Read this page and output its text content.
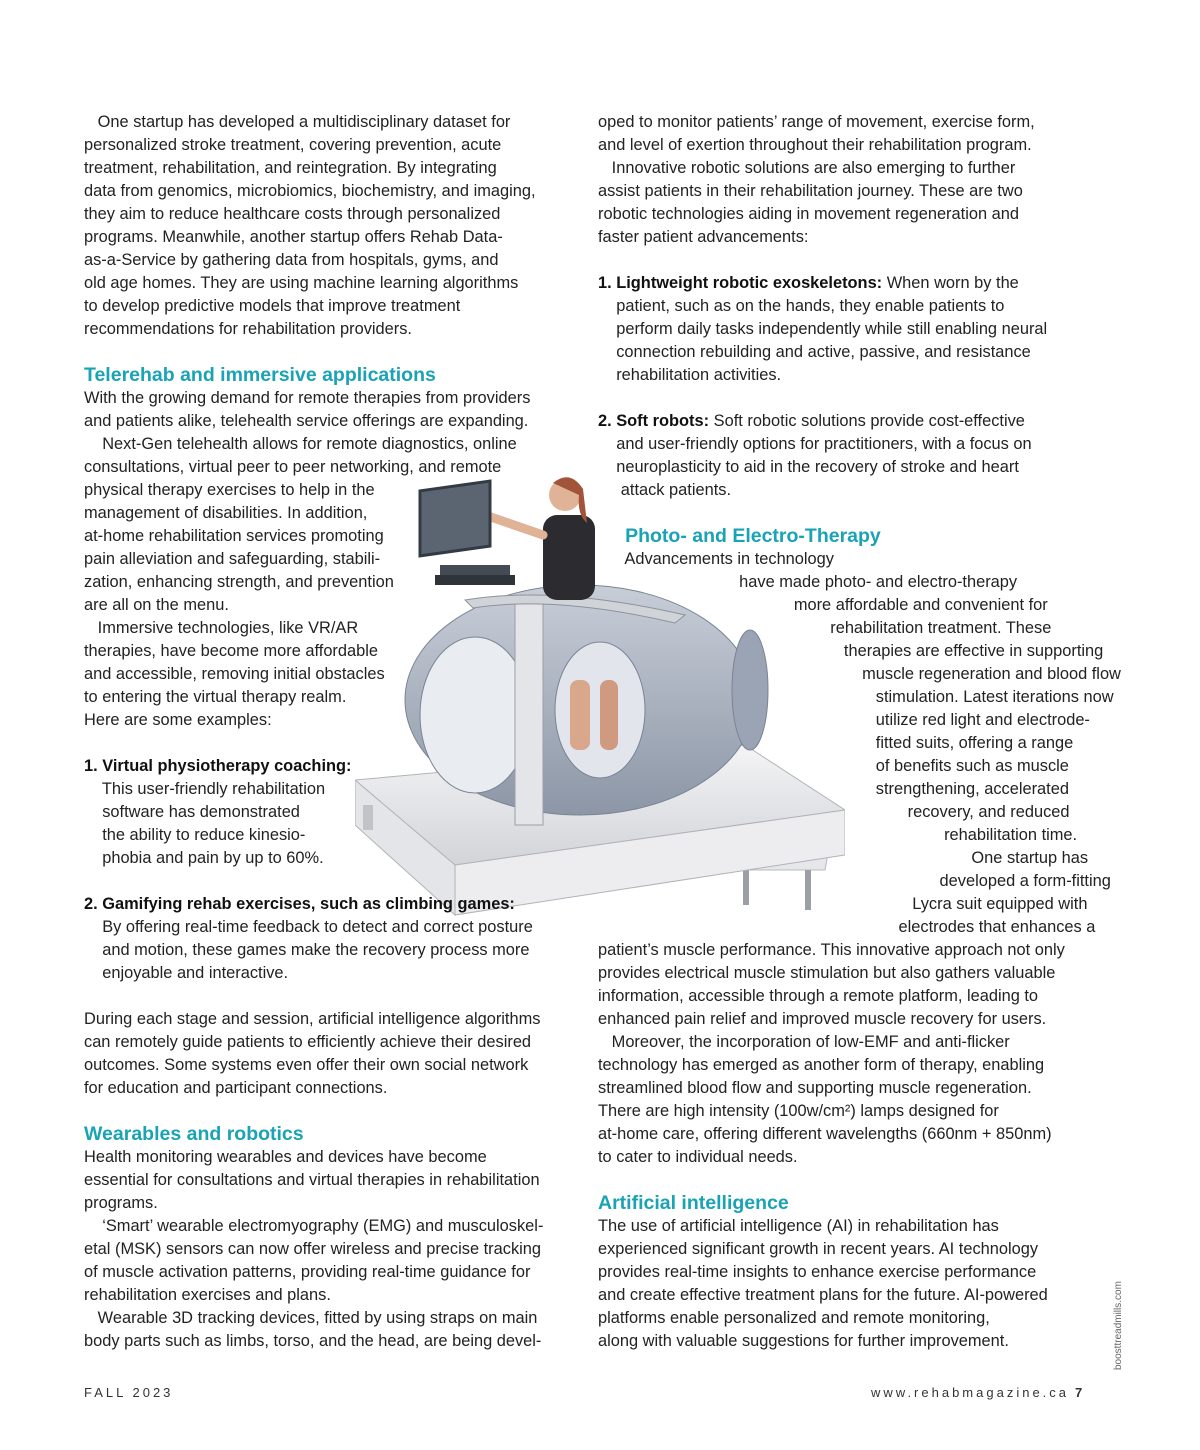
One startup has developed a multidisciplinary dataset for
personalized stroke treatment, covering prevention, acute
treatment, rehabilitation, and reintegration. By integrating
data from genomics, microbiomics, biochemistry, and imaging,
they aim to reduce healthcare costs through personalized
programs. Meanwhile, another startup offers Rehab Data-
as-a-Service by gathering data from hospitals, gyms, and
old age homes. They are using machine learning algorithms
to develop predictive models that improve treatment
recommendations for rehabilitation providers.
Telerehab and immersive applications
With the growing demand for remote therapies from providers
and patients alike, telehealth service offerings are expanding.
Next-Gen telehealth allows for remote diagnostics, online
consultations, virtual peer to peer networking, and remote
physical therapy exercises to help in the
management of disabilities. In addition,
at-home rehabilitation services promoting
pain alleviation and safeguarding, stabili-
zation, enhancing strength, and prevention
are all on the menu.
Immersive technologies, like VR/AR
therapies, have become more affordable
and accessible, removing initial obstacles
to entering the virtual therapy realm.
Here are some examples:
1. Virtual physiotherapy coaching:
This user-friendly rehabilitation
software has demonstrated
the ability to reduce kinesio-
phobia and pain by up to 60%.
2. Gamifying rehab exercises, such as climbing games:
By offering real-time feedback to detect and correct posture
and motion, these games make the recovery process more
enjoyable and interactive.
During each stage and session, artificial intelligence algorithms
can remotely guide patients to efficiently achieve their desired
outcomes. Some systems even offer their own social network
for education and participant connections.
Wearables and robotics
Health monitoring wearables and devices have become
essential for consultations and virtual therapies in rehabilitation
programs.
‘Smart’ wearable electromyography (EMG) and musculoskel-
etal (MSK) sensors can now offer wireless and precise tracking
of muscle activation patterns, providing real-time guidance for
rehabilitation exercises and plans.
Wearable 3D tracking devices, fitted by using straps on main
body parts such as limbs, torso, and the head, are being devel-
oped to monitor patients’ range of movement, exercise form,
and level of exertion throughout their rehabilitation program.
Innovative robotic solutions are also emerging to further
assist patients in their rehabilitation journey. These are two
robotic technologies aiding in movement regeneration and
faster patient advancements:
1. Lightweight robotic exoskeletons: When worn by the
patient, such as on the hands, they enable patients to
perform daily tasks independently while still enabling neural
connection rebuilding and active, passive, and resistance
rehabilitation activities.
2. Soft robots: Soft robotic solutions provide cost-effective
and user-friendly options for practitioners, with a focus on
neuroplasticity to aid in the recovery of stroke and heart
attack patients.
Photo- and Electro-Therapy
Advancements in technology
have made photo- and electro-therapy
more affordable and convenient for
rehabilitation treatment. These
therapies are effective in supporting
muscle regeneration and blood flow
stimulation. Latest iterations now
utilize red light and electrode-
fitted suits, offering a range
of benefits such as muscle
strengthening, accelerated
recovery, and reduced
rehabilitation time.
One startup has
developed a form-fitting
Lycra suit equipped with
electrodes that enhances a
patient’s muscle performance. This innovative approach not only
provides electrical muscle stimulation but also gathers valuable
information, accessible through a remote platform, leading to
enhanced pain relief and improved muscle recovery for users.
Moreover, the incorporation of low-EMF and anti-flicker
technology has emerged as another form of therapy, enabling
streamlined blood flow and supporting muscle regeneration.
There are high intensity (100w/cm²) lamps designed for
at-home care, offering different wavelengths (660nm + 850nm)
to cater to individual needs.
Artificial intelligence
The use of artificial intelligence (AI) in rehabilitation has
experienced significant growth in recent years. AI technology
provides real-time insights to enhance exercise performance
and create effective treatment plans for the future. AI-powered
platforms enable personalized and remote monitoring,
along with valuable suggestions for further improvement.
FALL 2023	www.rehabmagazine.ca 7
boosttreadmills.com
